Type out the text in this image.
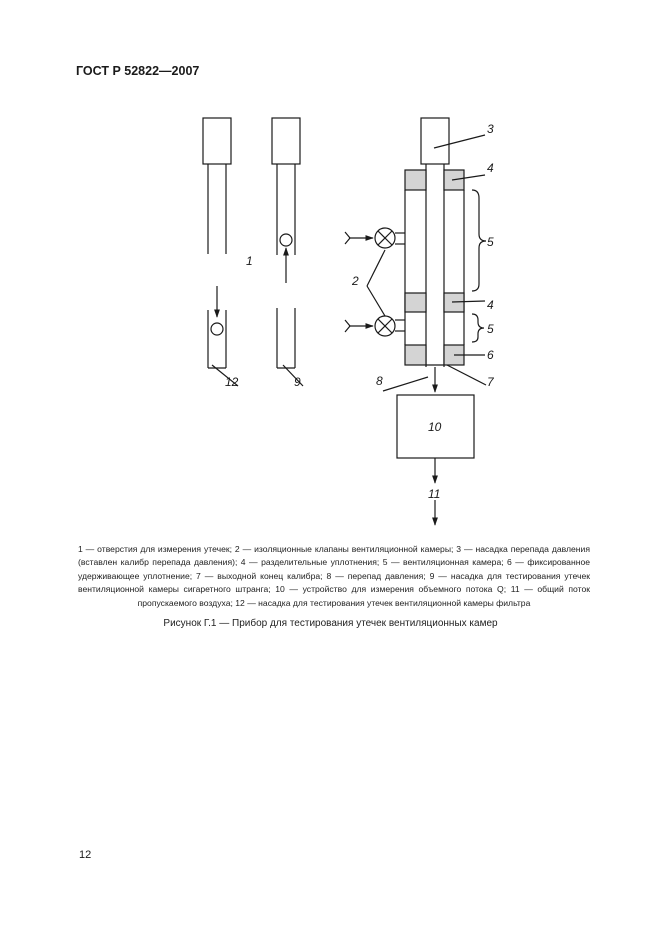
ГОСТ Р 52822—2007
1
2
3
4
5
4
5
6
7
8
9
10
11
12
1 — отверстия для измерения утечек; 2 — изоляционные клапаны вентиляционной камеры; 3 — насадка перепада давления (вставлен калибр перепада давления); 4 — разделительные уплотнения; 5 — вентиляционная камера; 6 — фиксированное удерживающее уплотнение; 7 — выходной конец калибра; 8 — перепад давления; 9 — насадка для тестирования утечек вентиляционной камеры сигаретного штранга; 10 — устройство для измерения объемного потока Q; 11 — общий поток пропускаемого воздуха; 12 — насадка для тестирования утечек вентиляционной камеры фильтра
Рисунок Г.1 — Прибор для тестирования утечек вентиляционных камер
12
